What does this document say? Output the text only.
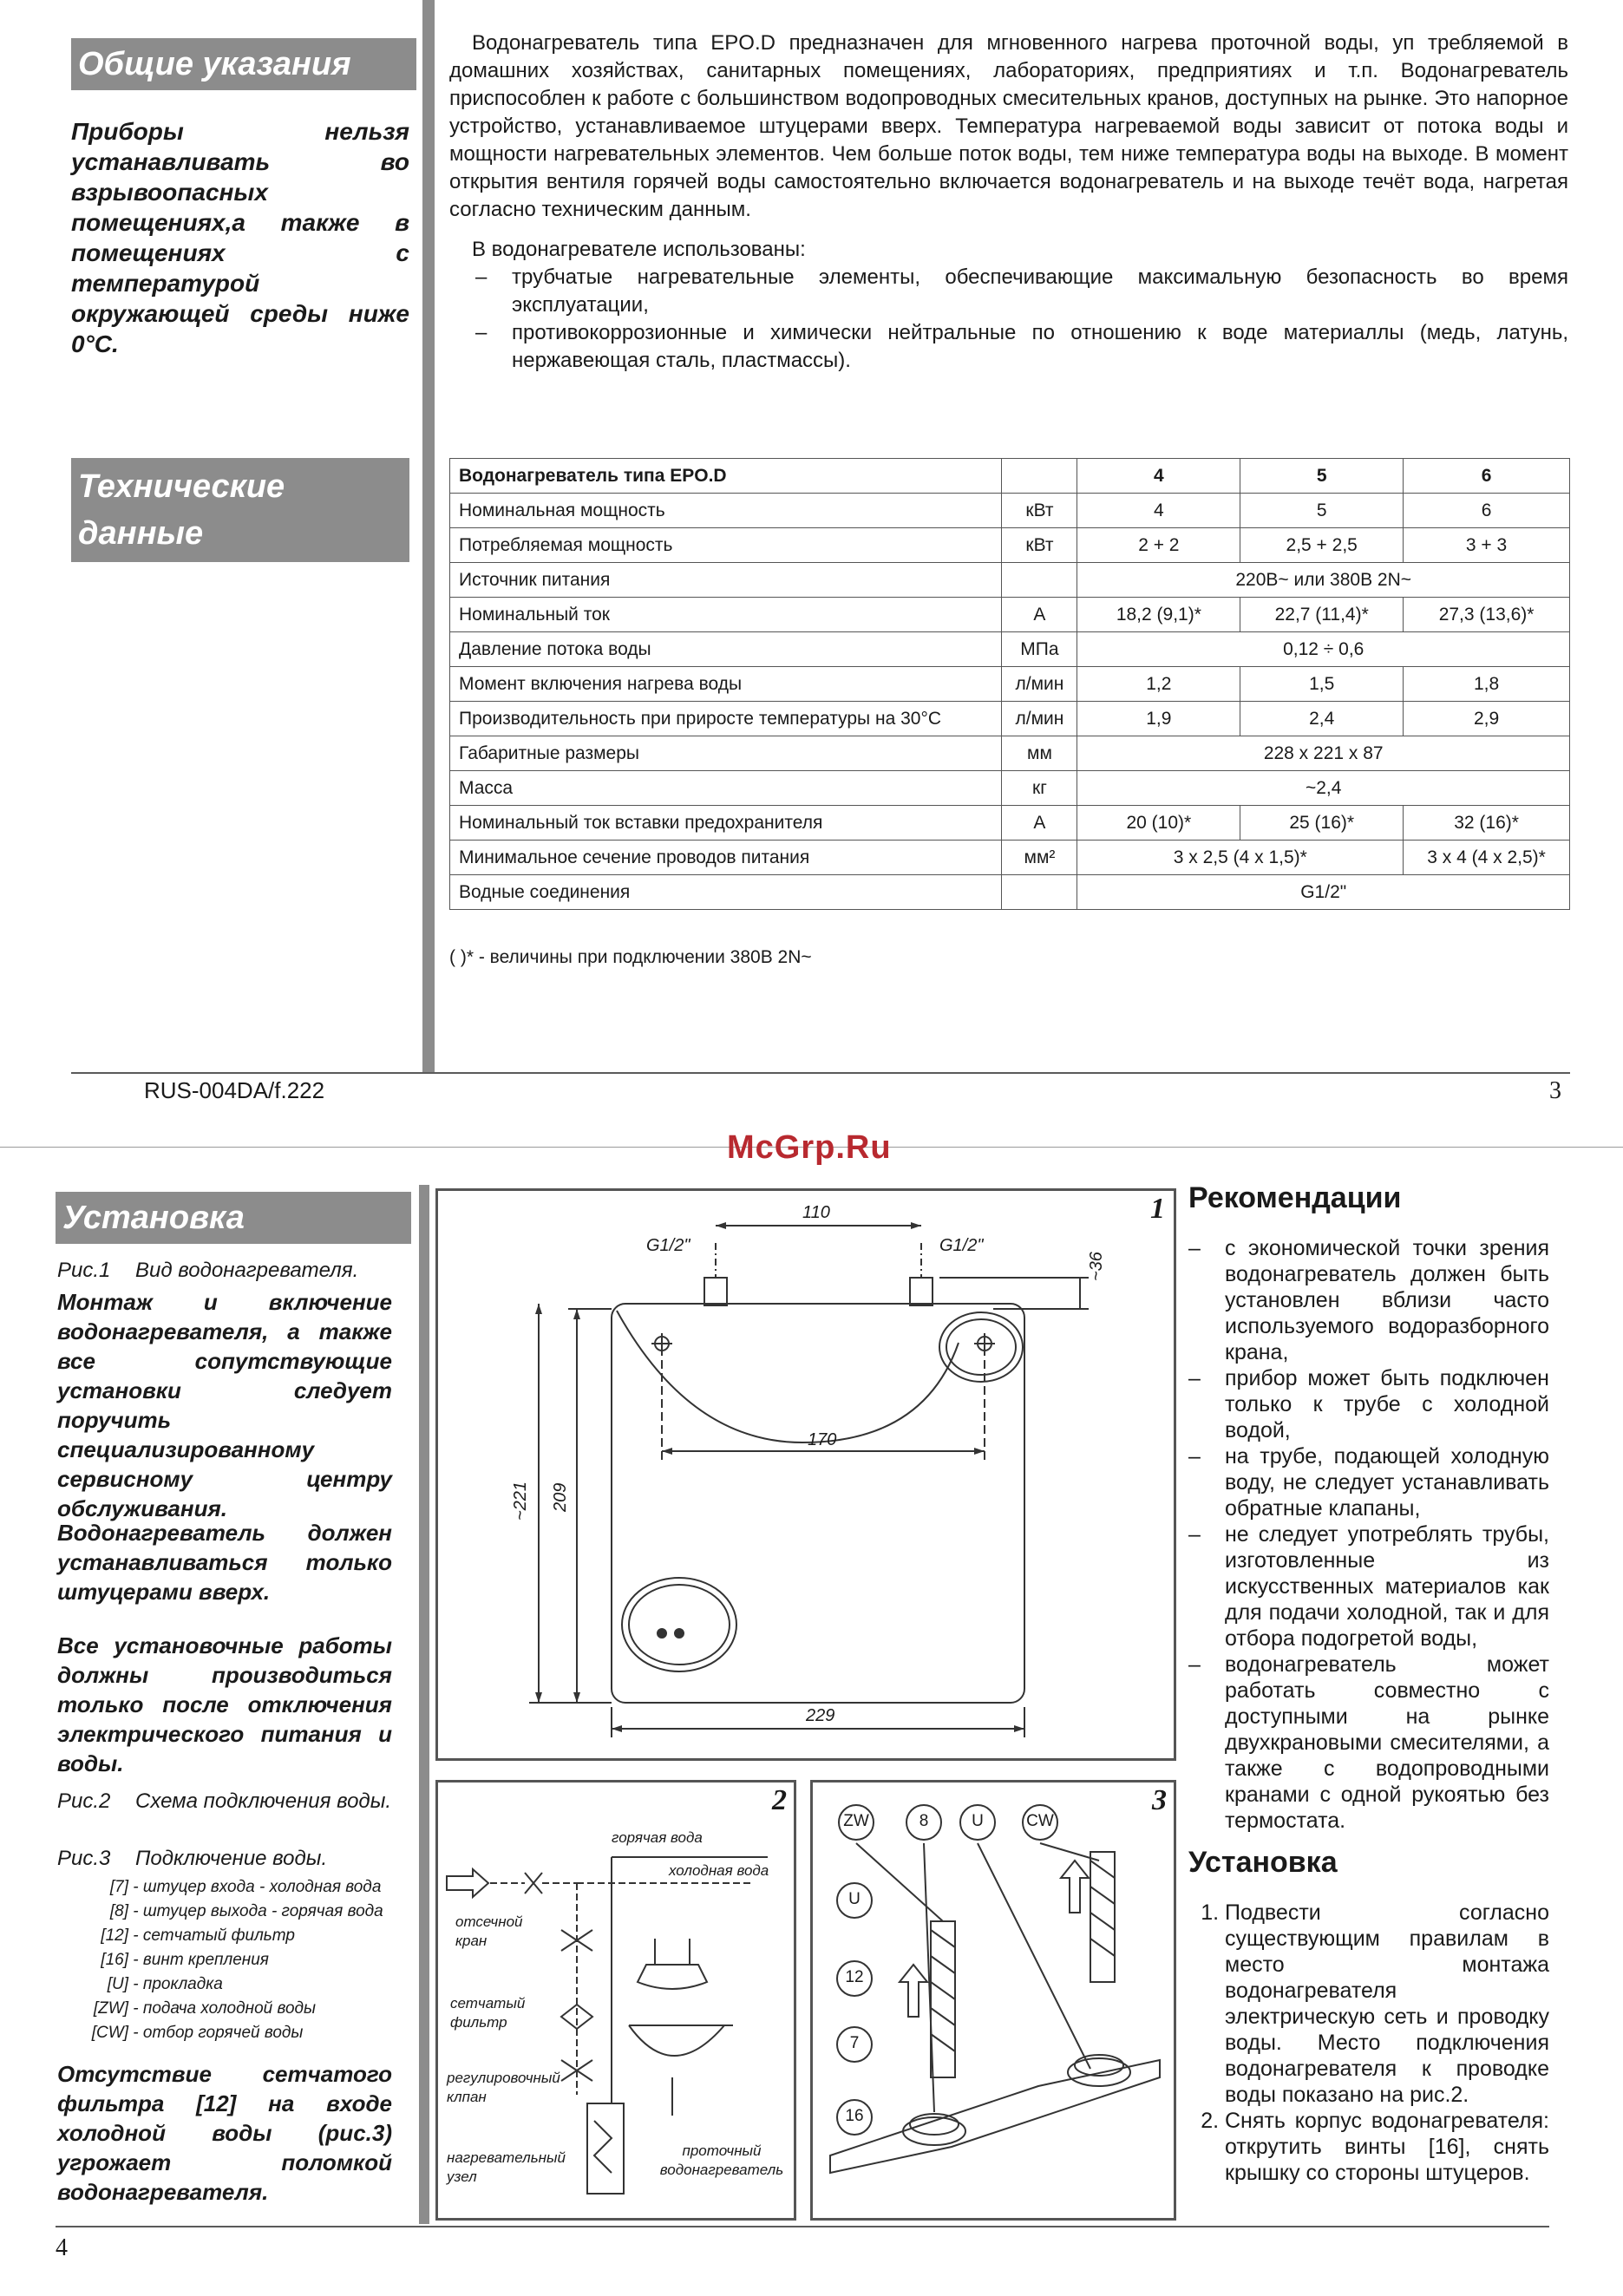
Общие указания
Приборы нельзя устанавливать во взрывоопасных помещениях,а также в помещениях с температурой окружающей среды ниже 0°С.
Водонагреватель типа EPO.D предназначен для мгновенного нагрева проточной воды, уп требляемой в домашних хозяйствах, санитарных помещениях, лабораториях, предприятиях и т.п. Водонагреватель приспособлен к работе с большинством водопроводных смесительных кранов, доступных на рынке. Это напорное устройство, устанавливаемое штуцерами вверх. Температура нагреваемой воды зависит от потока воды и мощности нагревательных элементов. Чем больше поток воды, тем ниже температура воды на выходе. В момент открытия вентиля горячей воды самостоятельно включается водонагреватель и на выходе течёт вода, нагретая согласно техническим данным.
В водонагревателе использованы:
– трубчатые нагревательные элементы, обеспечивающие максимальную безопасность во время эксплуатации,
– противокоррозионные и химически нейтральные по отношению к воде материаллы (медь, латунь, нержавеющая сталь, пластмассы).
Технические данные
Водонагреватель типа EPO.D		4	5	6
Номинальная мощность	кВт	4	5	6
Потребляемая мощность	кВт	2 + 2	2,5 + 2,5	3 + 3
Источник питания		220В~ или 380В 2N~		
Номинальный ток	A	18,2 (9,1)*	22,7 (11,4)*	27,3 (13,6)*
Давление потока воды	МПа	0,12 ÷ 0,6		
Момент включения нагрева воды	л/мин	1,2	1,5	1,8
Производительность при приросте температуры на 30°С	л/мин	1,9	2,4	2,9
Габаритные размеры	мм	228 x 221 x 87		
Масса	кг	~2,4		
Номинальный ток вставки предохранителя	A	20 (10)*	25 (16)*	32 (16)*
Минимальное сечение проводов питания	мм²	3 x 2,5 (4 x 1,5)*		3 x 4 (4 x 2,5)*
Водные соединения		G1/2"		
( )* - величины при подключении 380В 2N~
RUS-004DA/f.222	3
McGrp.Ru
Установка
Рис.1 Вид водонагревателя.
Монтаж и включение водонагревателя, а также все сопутствующие установки следует поручить специализированному сервисному центру обслуживания.
Водонагреватель должен устанавливаться только штуцерами вверх.
Все установочные работы должны производиться только после отключения электрического питания и воды.
Рис.2 Схема подключения воды.
Рис.3 Подключение воды.
[7] - штуцер входа - холодная вода
[8] - штуцер выхода - горячая вода
[12] - сетчатый фильтр
[16] - винт крепления
[U] - прокладка
[ZW] - подача холодной воды
[CW] - отбор горячей воды
Отсутствие сетчатого фильтра [12] на входе холодной воды (рис.3) угрожает поломкой водонагревателя.
1
110
G1/2"	G1/2"
~36
170
~221 209
229
2
горячая вода
холодная вода
отсечной кран
сетчатый фильтр
регулировочный клпан
нагревательный узел
проточный водонагреватель
3
ZW	8	U	CW
U
12
7
16
Рекомендации
– с экономической точки зрения водонагреватель должен быть установлен вблизи часто используемого водоразборного крана,
– прибор может быть подключен только к трубе с холодной водой,
– на трубе, подающей холодную воду, не следует устанавливать обратные клапаны,
– не следует употреблять трубы, изготовленные из искусственных материалов как для подачи холодной, так и для отбора подогретой воды,
– водонагреватель может работать совместно с доступными на рынке двухкрановыми смесителями, а также с водопроводными кранами с одной рукоятью без термостата.
Установка
1. Подвести согласно существующим правилам в место монтажа водонагревателя электрическую сеть и проводку воды. Место подключения водонагревателя к проводке воды показано на рис.2.
2. Снять корпус водонагревателя: открутить винты [16], снять крышку со стороны штуцеров.
4
